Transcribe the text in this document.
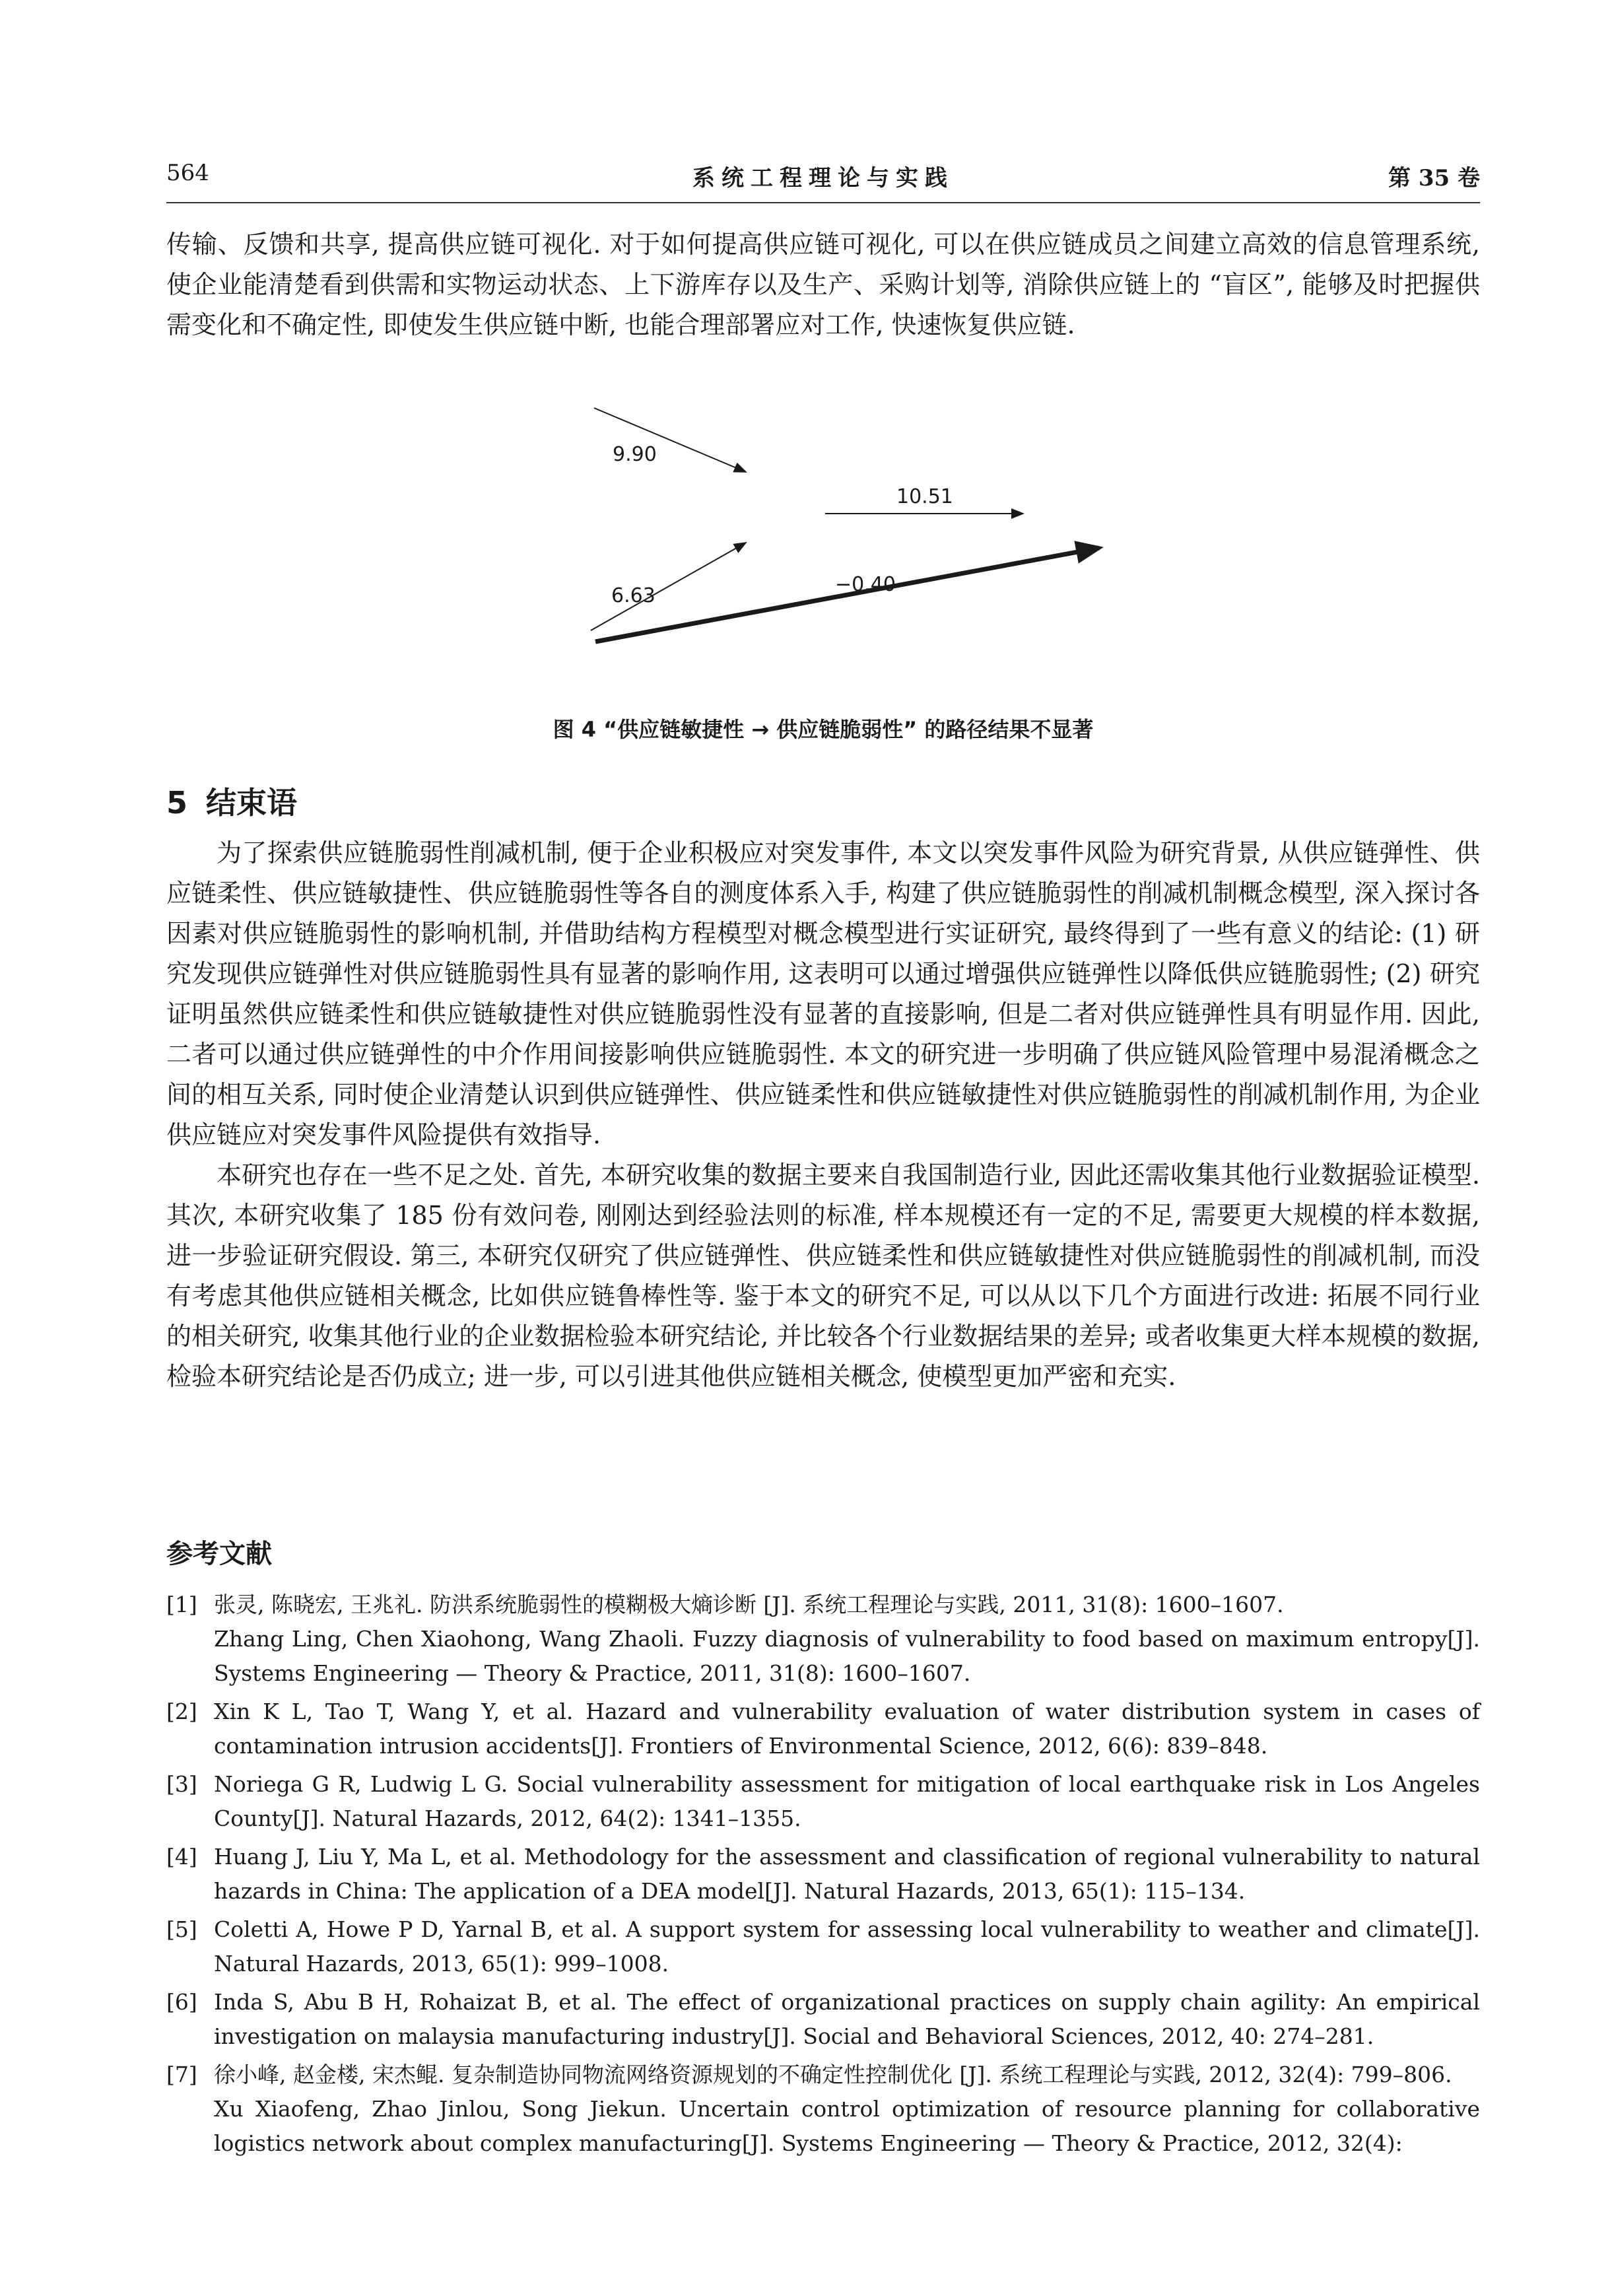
564	系统工程理论与实践	第 35 卷

传输、反馈和共享, 提高供应链可视化. 对于如何提高供应链可视化, 可以在供应链成员之间建立高效的信息管理系统, 使企业能清楚看到供需和实物运动状态、上下游库存以及生产、采购计划等, 消除供应链上的 “盲区”, 能够及时把握供需变化和不确定性, 即使发生供应链中断, 也能合理部署应对工作, 快速恢复供应链.

9.90
10.51
6.63	−0.40
图 4 “供应链敏捷性 → 供应链脆弱性” 的路径结果不显著
5 结束语

为了探索供应链脆弱性削减机制, 便于企业积极应对突发事件, 本文以突发事件风险为研究背景, 从供应链弹性、供应链柔性、供应链敏捷性、供应链脆弱性等各自的测度体系入手, 构建了供应链脆弱性的削减机制概念模型, 深入探讨各因素对供应链脆弱性的影响机制, 并借助结构方程模型对概念模型进行实证研究, 最终得到了一些有意义的结论: (1) 研究发现供应链弹性对供应链脆弱性具有显著的影响作用, 这表明可以通过增强供应链弹性以降低供应链脆弱性; (2) 研究证明虽然供应链柔性和供应链敏捷性对供应链脆弱性没有显著的直接影响, 但是二者对供应链弹性具有明显作用. 因此, 二者可以通过供应链弹性的中介作用间接影响供应链脆弱性. 本文的研究进一步明确了供应链风险管理中易混淆概念之间的相互关系, 同时使企业清楚认识到供应链弹性、供应链柔性和供应链敏捷性对供应链脆弱性的削减机制作用, 为企业供应链应对突发事件风险提供有效指导.

本研究也存在一些不足之处. 首先, 本研究收集的数据主要来自我国制造行业, 因此还需收集其他行业数据验证模型. 其次, 本研究收集了 185 份有效问卷, 刚刚达到经验法则的标准, 样本规模还有一定的不足, 需要更大规模的样本数据, 进一步验证研究假设. 第三, 本研究仅研究了供应链弹性、供应链柔性和供应链敏捷性对供应链脆弱性的削减机制, 而没有考虑其他供应链相关概念, 比如供应链鲁棒性等. 鉴于本文的研究不足, 可以从以下几个方面进行改进: 拓展不同行业的相关研究, 收集其他行业的企业数据检验本研究结论, 并比较各个行业数据结果的差异; 或者收集更大样本规模的数据, 检验本研究结论是否仍成立; 进一步, 可以引进其他供应链相关概念, 使模型更加严密和充实.

参考文献
[1] 张灵, 陈晓宏, 王兆礼. 防洪系统脆弱性的模糊极大熵诊断 [J]. 系统工程理论与实践, 2011, 31(8): 1600–1607.
Zhang Ling, Chen Xiaohong, Wang Zhaoli. Fuzzy diagnosis of vulnerability to food based on maximum entropy[J]. Systems Engineering — Theory & Practice, 2011, 31(8): 1600–1607.
[2] Xin K L, Tao T, Wang Y, et al. Hazard and vulnerability evaluation of water distribution system in cases of contamination intrusion accidents[J]. Frontiers of Environmental Science, 2012, 6(6): 839–848.
[3] Noriega G R, Ludwig L G. Social vulnerability assessment for mitigation of local earthquake risk in Los Angeles County[J]. Natural Hazards, 2012, 64(2): 1341–1355.
[4] Huang J, Liu Y, Ma L, et al. Methodology for the assessment and classification of regional vulnerability to natural hazards in China: The application of a DEA model[J]. Natural Hazards, 2013, 65(1): 115–134.
[5] Coletti A, Howe P D, Yarnal B, et al. A support system for assessing local vulnerability to weather and climate[J]. Natural Hazards, 2013, 65(1): 999–1008.
[6] Inda S, Abu B H, Rohaizat B, et al. The effect of organizational practices on supply chain agility: An empirical investigation on malaysia manufacturing industry[J]. Social and Behavioral Sciences, 2012, 40: 274–281.
[7] 徐小峰, 赵金楼, 宋杰鲲. 复杂制造协同物流网络资源规划的不确定性控制优化 [J]. 系统工程理论与实践, 2012, 32(4): 799–806.
Xu Xiaofeng, Zhao Jinlou, Song Jiekun. Uncertain control optimization of resource planning for collaborative logistics network about complex manufacturing[J]. Systems Engineering — Theory & Practice, 2012, 32(4):
